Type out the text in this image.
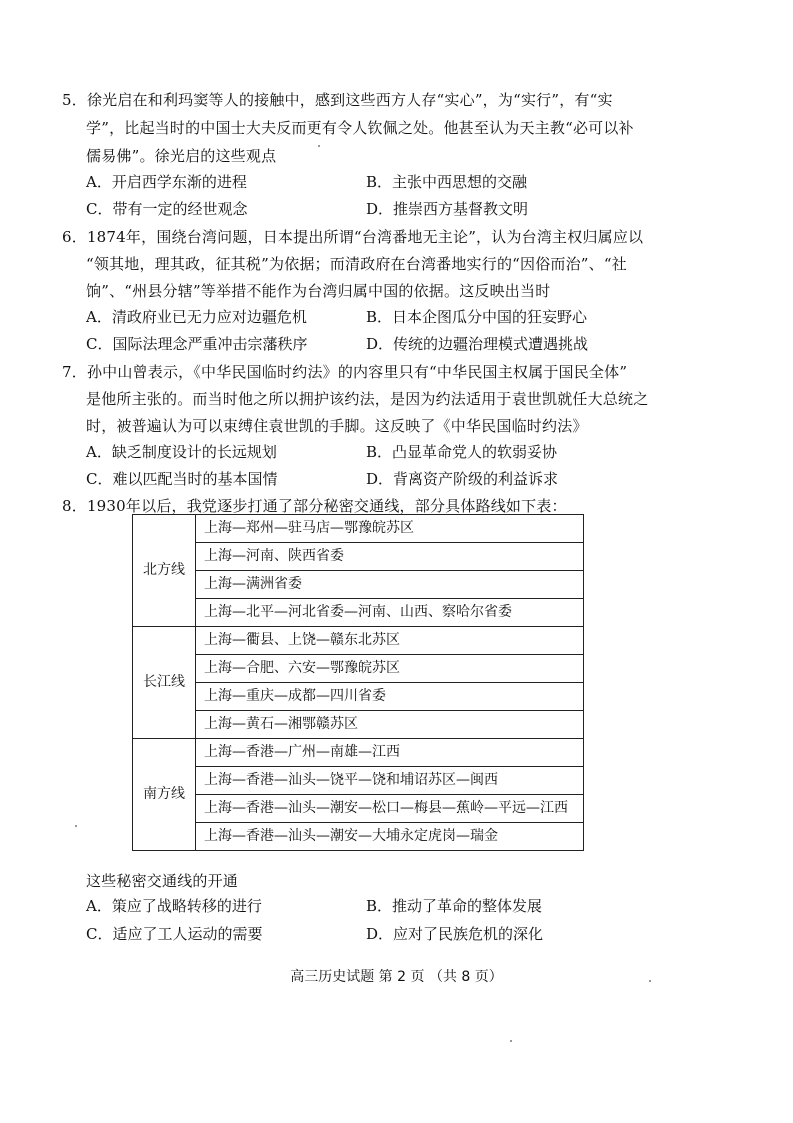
5．徐光启在和利玛窦等人的接触中，感到这些西方人存“实心”，为“实行”，有“实
学”，比起当时的中国士大夫反而更有令人钦佩之处。他甚至认为天主教“必可以补
儒易佛”。徐光启的这些观点
A．开启西学东渐的进程	B．主张中西思想的交融
C．带有一定的经世观念	D．推崇西方基督教文明
6．1874年，围绕台湾问题，日本提出所谓“台湾番地无主论”，认为台湾主权归属应以
“领其地，理其政，征其税”为依据；而清政府在台湾番地实行的“因俗而治”、“社
饷”、“州县分辖”等举措不能作为台湾归属中国的依据。这反映出当时
A．清政府业已无力应对边疆危机	B．日本企图瓜分中国的狂妄野心
C．国际法理念严重冲击宗藩秩序	D．传统的边疆治理模式遭遇挑战
7．孙中山曾表示，《中华民国临时约法》的内容里只有“中华民国主权属于国民全体”
是他所主张的。而当时他之所以拥护该约法，是因为约法适用于袁世凯就任大总统之
时，被普遍认为可以束缚住袁世凯的手脚。这反映了《中华民国临时约法》
A．缺乏制度设计的长远规划	B．凸显革命党人的软弱妥协
C．难以匹配当时的基本国情	D．背离资产阶级的利益诉求
8．1930年以后，我党逐步打通了部分秘密交通线，部分具体路线如下表：
北方线	上海—郑州—驻马店—鄂豫皖苏区
	上海—河南、陕西省委
	上海—满洲省委
	上海—北平—河北省委—河南、山西、察哈尔省委
长江线	上海—衢县、上饶—赣东北苏区
	上海—合肥、六安—鄂豫皖苏区
	上海—重庆—成都—四川省委
	上海—黄石—湘鄂赣苏区
南方线	上海—香港—广州—南雄—江西
	上海—香港—汕头—饶平—饶和埔诏苏区—闽西
	上海—香港—汕头—潮安—松口—梅县—蕉岭—平远—江西
	上海—香港—汕头—潮安—大埔永定虎岗—瑞金
这些秘密交通线的开通
A．策应了战略转移的进行	B．推动了革命的整体发展
C．适应了工人运动的需要	D．应对了民族危机的深化
高三历史试题 第 2 页 （共 8 页）
